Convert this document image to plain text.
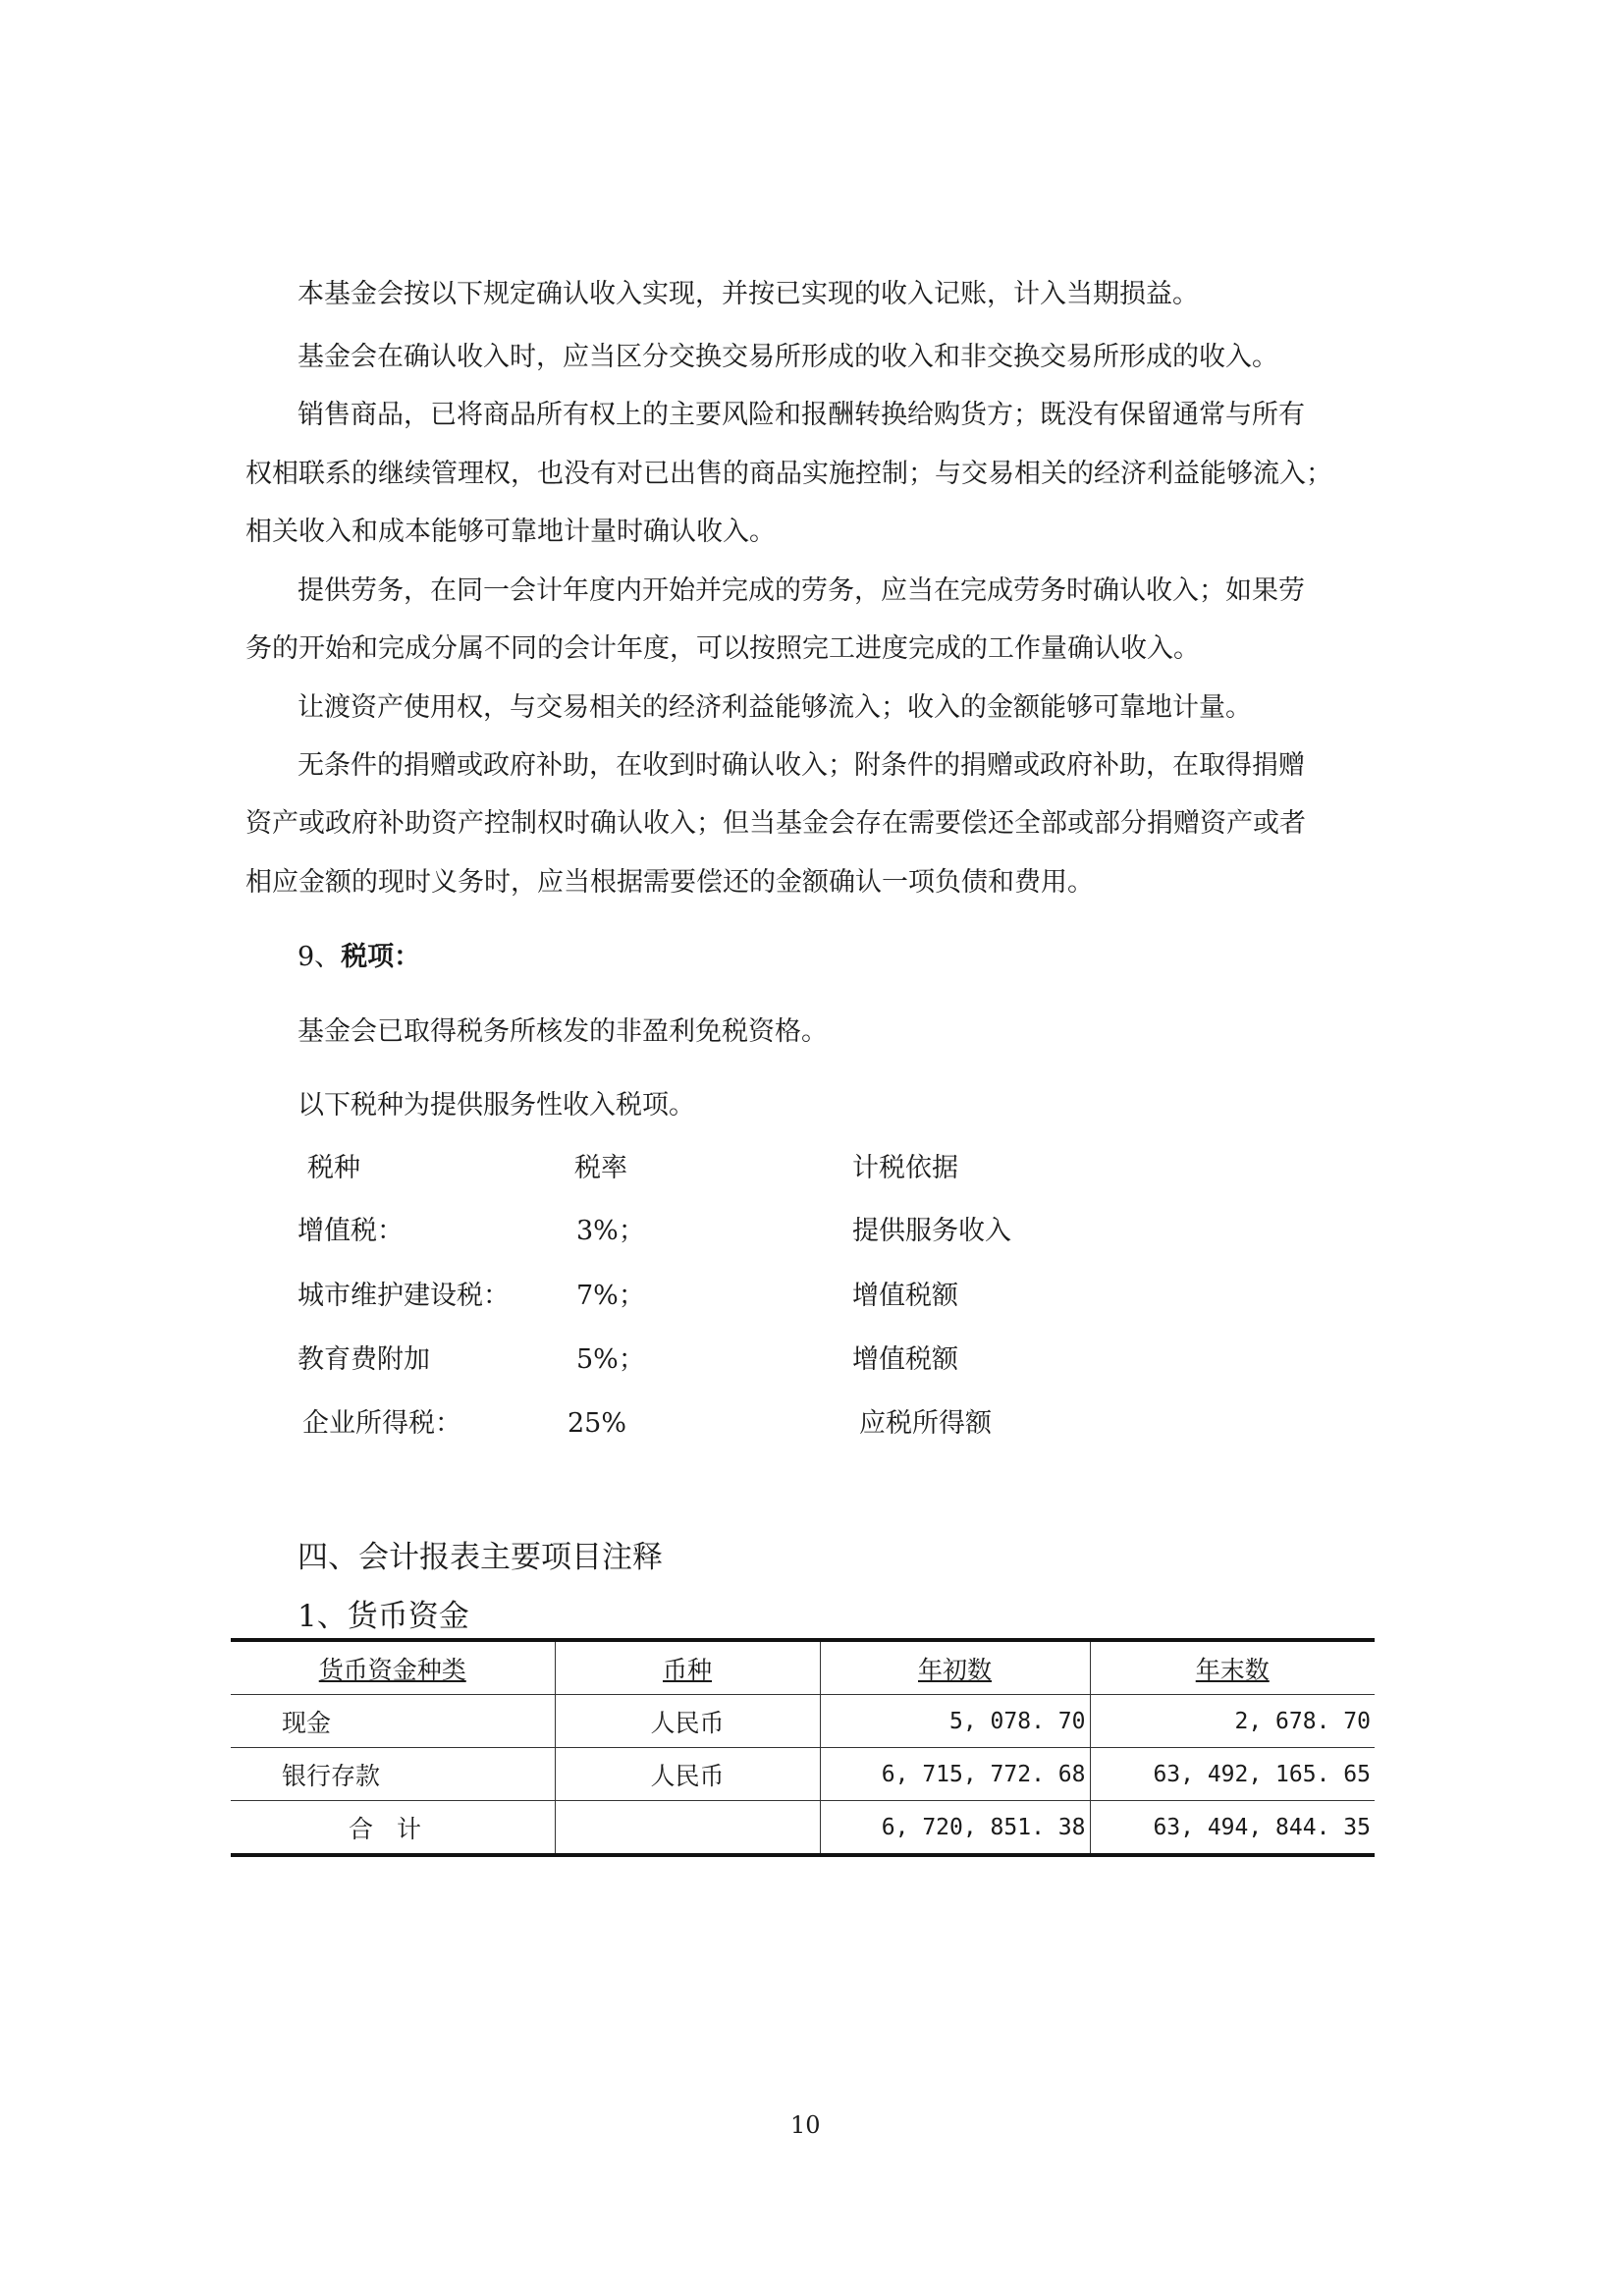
本基金会按以下规定确认收入实现，并按已实现的收入记账，计入当期损益。
基金会在确认收入时，应当区分交换交易所形成的收入和非交换交易所形成的收入。
销售商品，已将商品所有权上的主要风险和报酬转换给购货方；既没有保留通常与所有
权相联系的继续管理权，也没有对已出售的商品实施控制；与交易相关的经济利益能够流入；
相关收入和成本能够可靠地计量时确认收入。
提供劳务，在同一会计年度内开始并完成的劳务，应当在完成劳务时确认收入；如果劳
务的开始和完成分属不同的会计年度，可以按照完工进度完成的工作量确认收入。
让渡资产使用权，与交易相关的经济利益能够流入；收入的金额能够可靠地计量。
无条件的捐赠或政府补助，在收到时确认收入；附条件的捐赠或政府补助，在取得捐赠
资产或政府补助资产控制权时确认收入；但当基金会存在需要偿还全部或部分捐赠资产或者
相应金额的现时义务时，应当根据需要偿还的金额确认一项负债和费用。
9、税项：
基金会已取得税务所核发的非盈利免税资格。
以下税种为提供服务性收入税项。
税种	税率	计税依据
增值税：	3%；	提供服务收入
城市维护建设税：	7%；	增值税额
教育费附加	5%；	增值税额
企业所得税：	25%	应税所得额
四、会计报表主要项目注释
1、货币资金
货币资金种类	币种	年初数	年末数
现金	人民币	5, 078. 70	2, 678. 70
银行存款	人民币	6, 715, 772. 68	63, 492, 165. 65
合计		6, 720, 851. 38	63, 494, 844. 35
10
